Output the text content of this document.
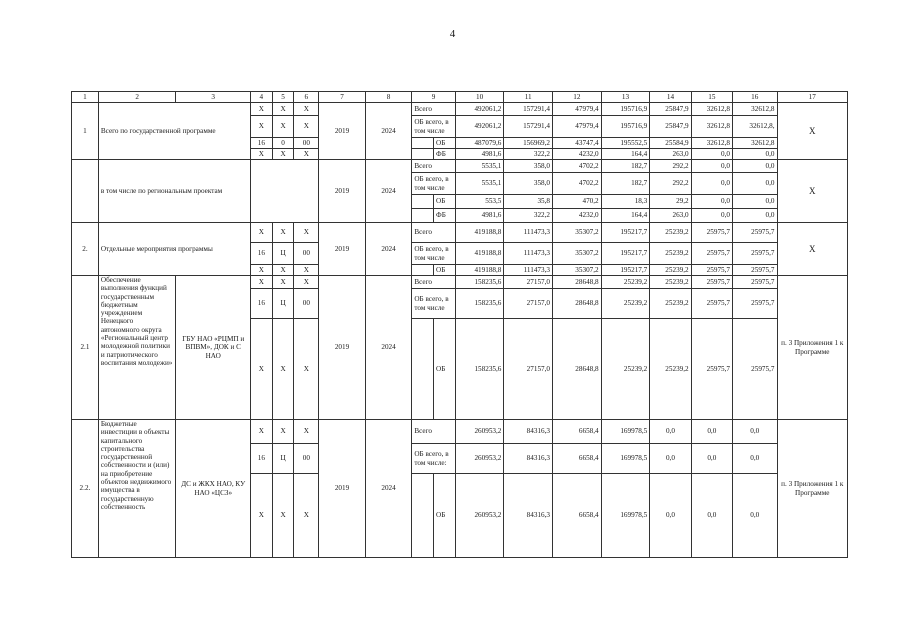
4
1	2	3	4	5	6	7	8	9		10	11	12	13	14	15	16	17
1	Всего по государственной программе		Х	Х	Х	2019	2024	Всего		492061,2	157291,4	47979,4	195716,9	25847,9	32612,8	32612,8	Х
			Х	Х	Х			ОБ всего, в том числе		492061,2	157291,4	47979,4	195716,9	25847,9	32612,8	32612,8,	
			16	0	00				ОБ	487079,6	156969,2	43747,4	195552,5	25584,9	32612,8	32612,8	
			Х	Х	Х				ФБ	4981,6	322,2	4232,0	164,4	263,0	0,0	0,0	
	в том числе по региональным проектам					2019	2024	Всего		5535,1	358,0	4702,2	182,7	292,2	0,0	0,0	Х
								ОБ всего, в том числе		5535,1	358,0	4702,2	182,7	292,2	0,0	0,0	
									ОБ	553,5	35,8	470,2	18,3	29,2	0,0	0,0	
									ФБ	4981,6	322,2	4232,0	164,4	263,0	0,0	0,0	
2.	Отдельные мероприятия программы		Х	Х	Х	2019	2024	Всего		419188,8	111473,3	35307,2	195217,7	25239,2	25975,7	25975,7	Х
			16	Ц	00			ОБ всего, в том числе		419188,8	111473,3	35307,2	195217,7	25239,2	25975,7	25975,7	
			Х	Х	Х				ОБ	419188,8	111473,3	35307,2	195217,7	25239,2	25975,7	25975,7	
2.1	Обеспечение выполнения функций государственным бюджетным учреждением Ненецкого автономного округа «Региональный центр молодежной политики и патриотического воспитания молодежи»	ГБУ НАО «РЦМП и ВПВМ», ДОК и С НАО	Х	Х	Х	2019	2024	Всего		158235,6	27157,0	28648,8	25239,2	25239,2	25975,7	25975,7	п. 3 Приложения 1 к Программе
			16	Ц	00			ОБ всего, в том числе		158235,6	27157,0	28648,8	25239,2	25239,2	25975,7	25975,7	
			Х	Х	Х				ОБ	158235,6	27157,0	28648,8	25239,2	25239,2	25975,7	25975,7	
2.2.	Бюджетные инвестиции в объекты капитального строительства государственной собственности и (или) на приобретение объектов недвижимого имущества в государственную собственность	ДС и ЖКХ НАО, КУ НАО «ЦСЗ»	Х	Х	Х	2019	2024	Всего		260953,2	84316,3	6658,4	169978,5	0,0	0,0	0,0	п. 3 Приложения 1 к Программе
			16	Ц	00			ОБ всего, в том числе:		260953,2	84316,3	6658,4	169978,5	0,0	0,0	0,0	
			Х	Х	Х				ОБ	260953,2	84316,3	6658,4	169978,5	0,0	0,0	0,0	
